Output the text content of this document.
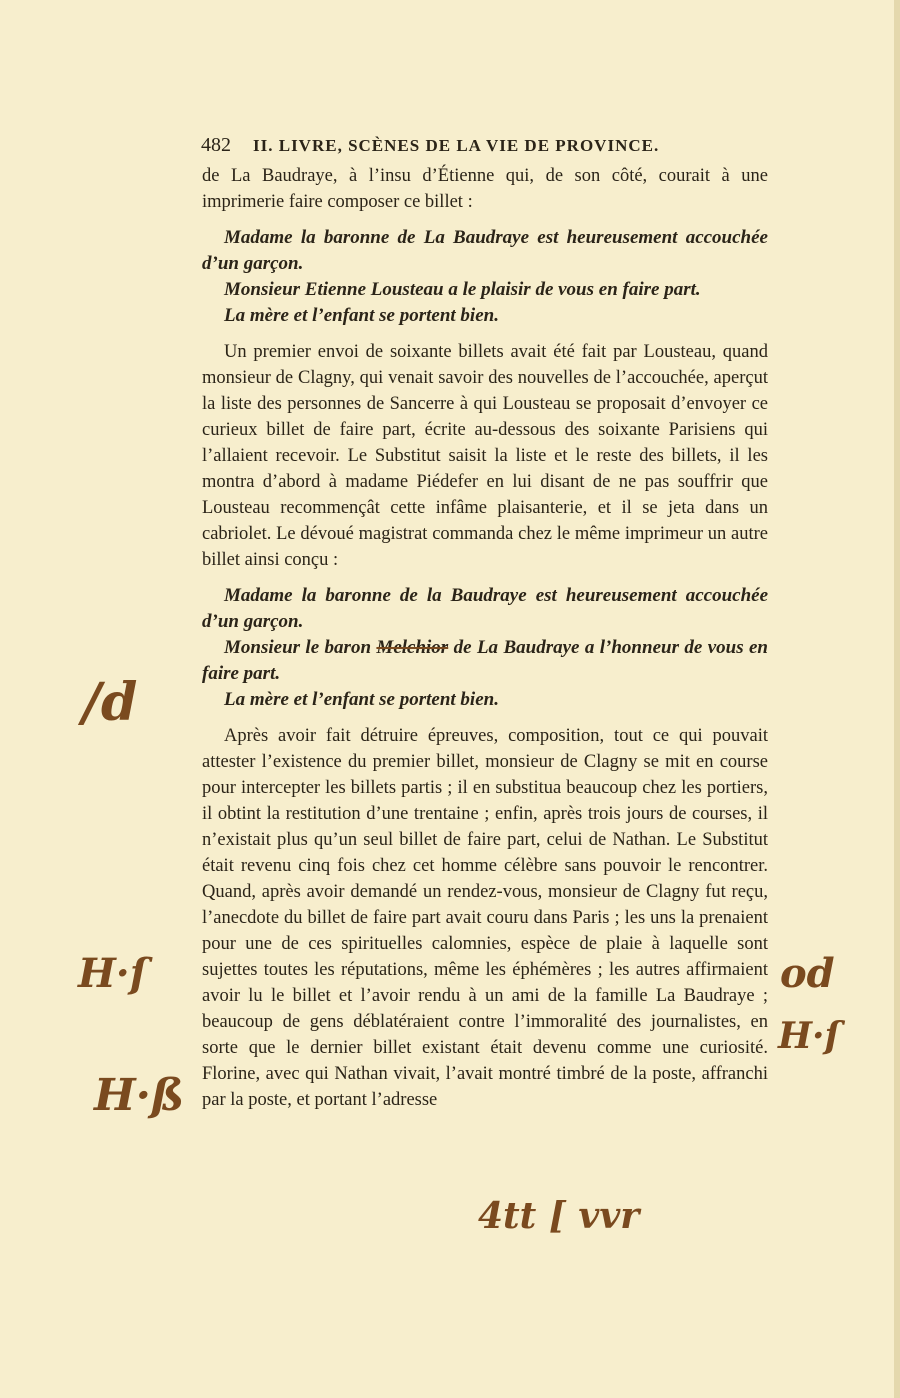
482 II. LIVRE, SCÈNES DE LA VIE DE PROVINCE.

de La Baudraye, à l’insu d’Étienne qui, de son côté, courait à une imprimerie faire composer ce billet :

Madame la baronne de La Baudraye est heureusement accouchée d’un garçon.

Monsieur Etienne Lousteau a le plaisir de vous en faire part.

La mère et l’enfant se portent bien.

Un premier envoi de soixante billets avait été fait par Lousteau, quand monsieur de Clagny, qui venait savoir des nouvelles de l’accouchée, aperçut la liste des personnes de Sancerre à qui Lousteau se proposait d’envoyer ce curieux billet de faire part, écrite au-dessous des soixante Parisiens qui l’allaient recevoir. Le Substitut saisit la liste et le reste des billets, il les montra d’abord à madame Piédefer en lui disant de ne pas souffrir que Lousteau recommençât cette infâme plaisanterie, et il se jeta dans un cabriolet. Le dévoué magistrat commanda chez le même imprimeur un autre billet ainsi conçu :

Madame la baronne de la Baudraye est heureusement accouchée d’un garçon.

Monsieur le baron Melchior de La Baudraye a l’honneur de vous en faire part.

La mère et l’enfant se portent bien.

Après avoir fait détruire épreuves, composition, tout ce qui pouvait attester l’existence du premier billet, monsieur de Clagny se mit en course pour intercepter les billets partis ; il en substitua beaucoup chez les portiers, il obtint la restitution d’une trentaine ; enfin, après trois jours de courses, il n’existait plus qu’un seul billet de faire part, celui de Nathan. Le Substitut était revenu cinq fois chez cet homme célèbre sans pouvoir le rencontrer. Quand, après avoir demandé un rendez-vous, monsieur de Clagny fut reçu, l’anecdote du billet de faire part avait couru dans Paris ; les uns la prenaient pour une de ces spirituelles calomnies, espèce de plaie à laquelle sont sujettes toutes les réputations, même les éphémères ; les autres affirmaient avoir lu le billet et l’avoir rendu à un ami de la famille La Baudraye ; beaucoup de gens déblatéraient contre l’immoralité des journalistes, en sorte que le dernier billet existant était devenu comme une curiosité. Florine, avec qui Nathan vivait, l’avait montré timbré de la poste, affranchi par la poste, et portant l’adresse

/d
H·ſ
H·ß
od
H·ſ
4tt [ vvr
